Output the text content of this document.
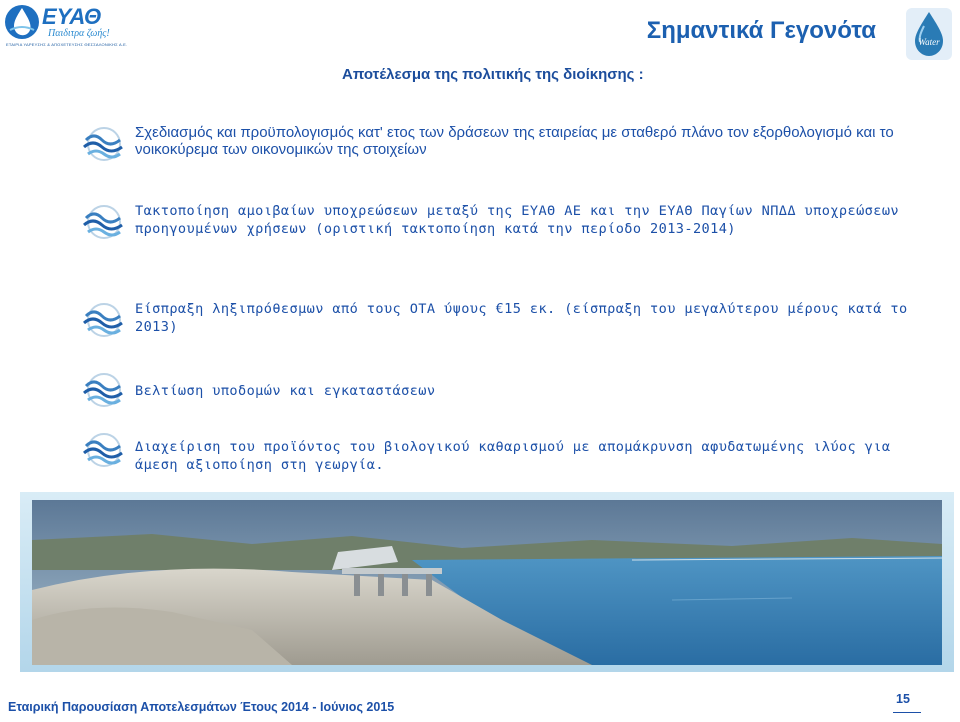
ΕΥΑΘ
Παιδιτρα ζωής!
ΕΤΑΙΡΙΑ ΥΔΡΕΥΣΗΣ & ΑΠΟΧΕΤΕΥΣΗΣ ΘΕΣΣΑΛΟΝΙΚΗΣ Α.Ε.
Σημαντικά Γεγονότα	Water
Αποτέλεσμα της πολιτικής της διοίκησης :
Σχεδιασμός και προϋπολογισμός κατ' ετος των δράσεων της εταιρείας με σταθερό πλάνο τον εξορθολογισμό και το νοικοκύρεμα των οικονομικών της στοιχείων
Τακτοποίηση αμοιβαίων υποχρεώσεων μεταξύ της ΕΥΑΘ ΑΕ και την ΕΥΑΘ Παγίων ΝΠΔΔ υποχρεώσεων προηγουμένων χρήσεων (οριστική τακτοποίηση κατά την περίοδο 2013-2014)
Είσπραξη ληξιπρόθεσμων από τους ΟΤΑ ύψους €15 εκ. (είσπραξη του μεγαλύτερου μέρους κατά το 2013)
Βελτίωση υποδομών και εγκαταστάσεων
Διαχείριση του προϊόντος του βιολογικού καθαρισμού με απομάκρυνση αφυδατωμένης ιλύος για άμεση αξιοποίηση στη γεωργία.
Εταιρική Παρουσίαση Αποτελεσμάτων Έτους 2014 - Ιούνιος 2015
15
